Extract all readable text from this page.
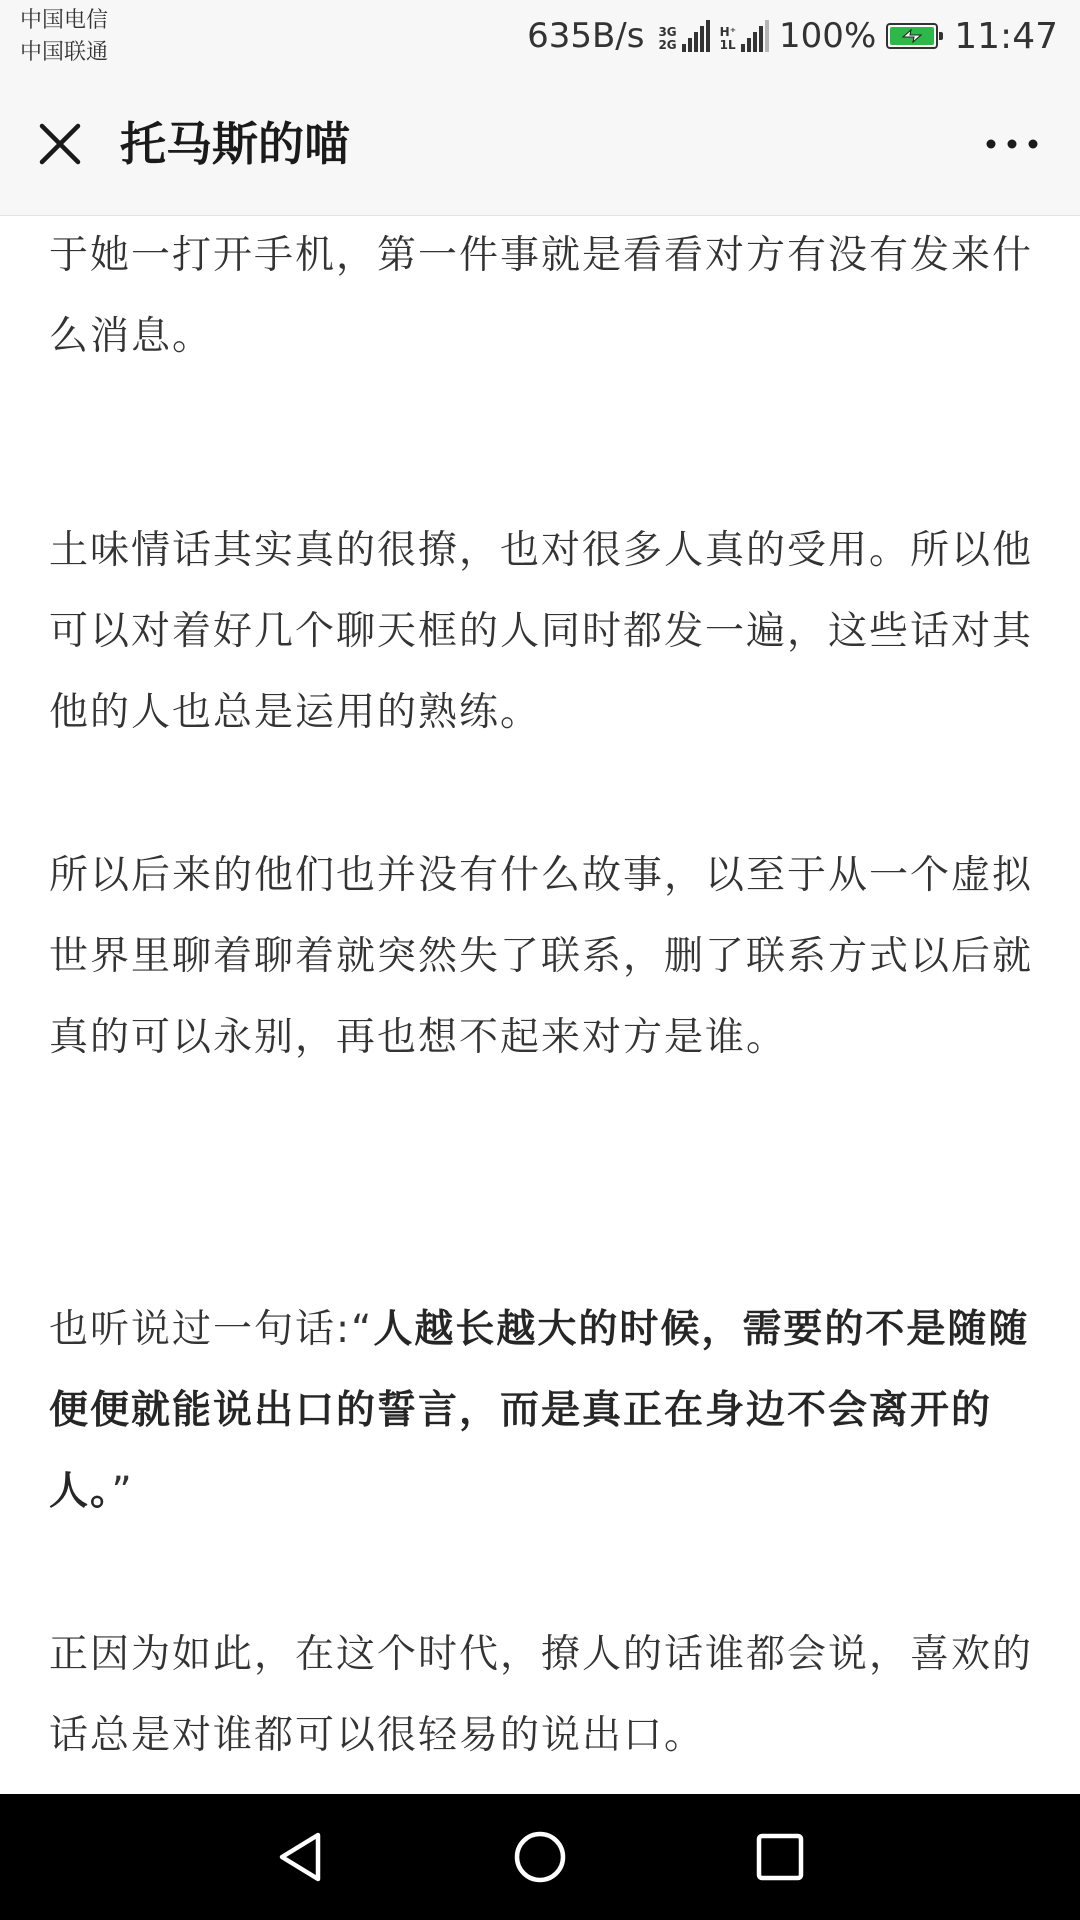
中国电信
中国联通	635B/s 3G
2G
H⁺
1L 100% 11:47
托马斯的喵

于她一打开手机，第一件事就是看看对方有没有发来什么消息。

土味情话其实真的很撩，也对很多人真的受用。所以他可以对着好几个聊天框的人同时都发一遍，这些话对其他的人也总是运用的熟练。

所以后来的他们也并没有什么故事，以至于从一个虚拟世界里聊着聊着就突然失了联系，删了联系方式以后就真的可以永别，再也想不起来对方是谁。

也听说过一句话:“人越长越大的时候，需要的不是随随便便就能说出口的誓言，而是真正在身边不会离开的人。”

正因为如此，在这个时代，撩人的话谁都会说，喜欢的话总是对谁都可以很轻易的说出口。
